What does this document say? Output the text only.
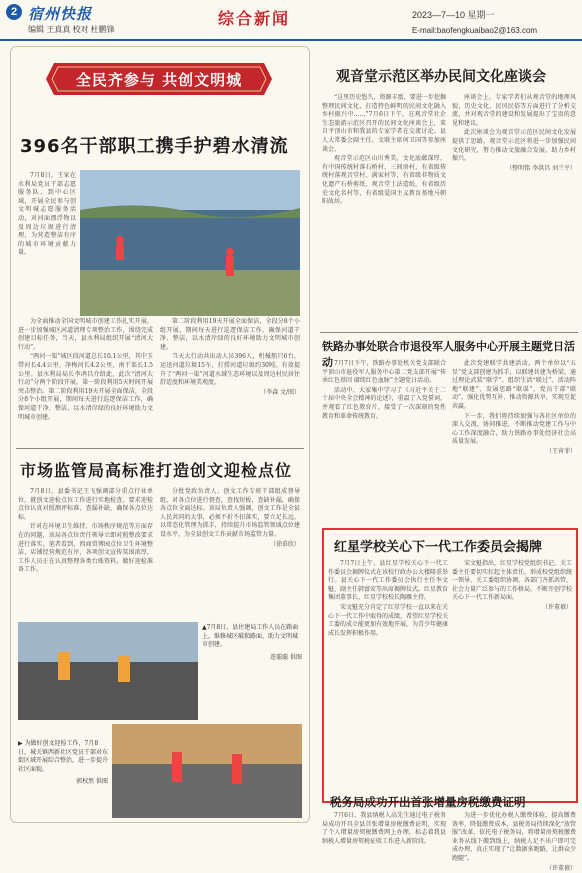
2 宿州快报
编辑 王真真 校对 杜鹏锋
综合新闻	2023—7—10 星期一
E-mail:baofengkuaibao2@163.com
全民齐参与 共创文明城
396名干部职工携手护碧水清流

7月8日，王家在水利局党员干部志愿服务队，到中心区域，开展全民参与创文明城志愿服务活动，对河面漂浮物以及周边垃圾进行清理，为营造整洁有序的城市环境贡献力量。

为全面推动全国文明城市创建工作扎实开展，进一步加强城区河道清理专项整治工作，围绕完成创建目标任务，当天，县水利局组织开展“清河大行动”。

“两河一渠”城区段河道总长10.1公里，其中玉带河长4.4公里、净梅河长4.2公里、南干渠长1.5公里。县水利局局长李鸿昌介绍此，此次“清河大行动”分两个阶段开展，第一阶段利用5天时间开展突击整治。第二阶段利用19天开展全面保洁，全段分8个小组开展，期间每天进行巡逻保洁工作，确保河道干净、整洁，以水清岸绿的良好环境助力文明城市创建。

第二阶段利用19天开展全面保洁，全段分8个小组开展，期间每天进行巡逻保洁工作，确保河道干净、整洁，以水清岸绿的良好环境助力文明城市创建。

当天大行动共出动人员396人，机械船只6台，运送河道垃圾15车，打捞河道垃圾约30吨。有效提升了“两河一渠”河道水域生态环境以及周边村民居住舒适度和环境美观度。

（李森 文/图）
市场监管局高标准打造创文迎检点位

7月8日，县委书记王飞强调部分重点行业单位，就创文迎检点位工作进行实地检查，要求迎检点位认真对照测评标准，查漏补缺，确保各点位达标。

针对在环境卫生维持、市场秩序规范等方面存在的问题，该局各点位责任领导立即对照整改要求进行落实。笔者看到，西商贸博园点位卫生环境整洁，店铺经营规范有序，各项创文宣传氛围浓厚，工作人员正在认真整理各类台账资料，做好迎检准备工作。

分批党政负责人、创文工作专班干部组成督导组，对各点位进行督查，查找短板，查缺补漏，确保各点位全面达标。该局负责人强调，创文工作是全县人民共同的大事，必须不折不扣落实，要立足长远，以常态化管理为抓手，持续提升市场监管领域点位建设水平，为全县创文工作贡献市场监管力量。

（徐慕欣）
▲7月8日，县住建局工作人员在路面上，维修城区破损路面，助力文明城市创建。
连聪聪 供图
▶ 为做好创文迎检工作，7月8日，城关镇西新社区党员干部对东街区域开展综合整治，进一步提升社区面貌。
郭权然 供图
观音堂示范区举办民间文化座谈会

“这里历史悠久，资源丰富，要进一步挖掘整理民间文化，打造特色鲜明的民间文化融入乡村振兴中……”7月6日下午，在观音堂社企生态旅游示范区召开的民间文化座谈会上，来自平顶山市和我县的专家学者在交流讨论。县人大常委会副主任、文联主席何卫国等参加座谈会。

观音堂示范区山川秀美，文化底蕴深厚，有中国传统村落石桥村、三间房村，有省级传统村落观音堂村、满家村等，有省级非物质文化遗产石桥剪纸、观音堂土法造纸，有省级历史文化名村等，有省级爱国主义教育基地马朝阳故居。

座谈会上，专家学者们从观音堂的地理风貌、历史文化、民风民俗等方面进行了分析交流，并对观音堂的建设和发展提出了宝贵的意见和建议。

此次座谈会为观音堂示范区民间文化发展提供了思路，观音堂示范区将进一步加强民间文化研究，努力推动文旅融合发展，助力乡村振兴。

（整明铭 李洪昌 刘兰平）
铁路办事处联合市退役军人服务中心开展主题党日活动 7月7日下午，铁路办事处机关党支部联合平顶山市退役军人服务中心第二党支部开展“传承红色基因 赓续红色血脉”主题党日活动。

活动中，大家集中学习了《习近平关于二十届中央全会精神的论述》，重温了入党誓词，并观看了红色教育片，接受了一次深刻的党性教育和革命传统教育。

此次党建联学共建活动，两个单位以“五星”党支部创建为抓手，以联建共建为桥梁，通过理论武装“联学”、组织生活“联过”、活动阵地“联建”，发展思路“联谋”，党员干部“联动”，强化优势互补、推动资源共享，实现互促共赢。

下一步，我们将持续加强与各社区单位的深入交流，协同推进，不断推动党建工作与中心工作深度融合，助力铁路办事处经济社会高质量发展。

（王宵菲）
红星学校关心下一代工作委员会揭牌

7月7日上午，县红星学校关心下一代工作委员会揭牌仪式在该校行政办公大楼隆重举行。县关心下一代工作委员会执行主任李文魁、副主任韩富安等出席揭牌仪式。红星教育集团董事长、红星学校校长陶雁主持。

宋文魁充分肯定了红星学校一直以来在关心下一代工作中取得的成绩，希望红星学校关工委的成立能更加有效地开展，为青少年健康成长发挥积极作用。

宋文魁指出，红星学校党组织书记、关工委主任要切实扛起主体责任，形成校党组织统一领导、关工委组织协调、各部门齐抓共管、社会力量广泛参与的工作格局，不断开创学校关心下一代工作新局面。

（许董禛）
税务局成功开出首张增量房税缴费证明

7月6日，我县纳税人高先生通过电子税务局成功开具全县首张增量房税缴费证明，实现了个人增量房契税缴费网上办理，标志着我县纳税人增量房契税征收工作进入新阶段。

为进一步优化办税人缴费体验，提高缴费效率，降低缴费成本，县税务局持续深化“放管服”改革，依托电子税务局，将增量房契税缴费业务从线下搬到线上，纳税人足不出户即可完成办理，真正实现了“让数据多跑路，让群众少跑腿”。

（许董禛）
